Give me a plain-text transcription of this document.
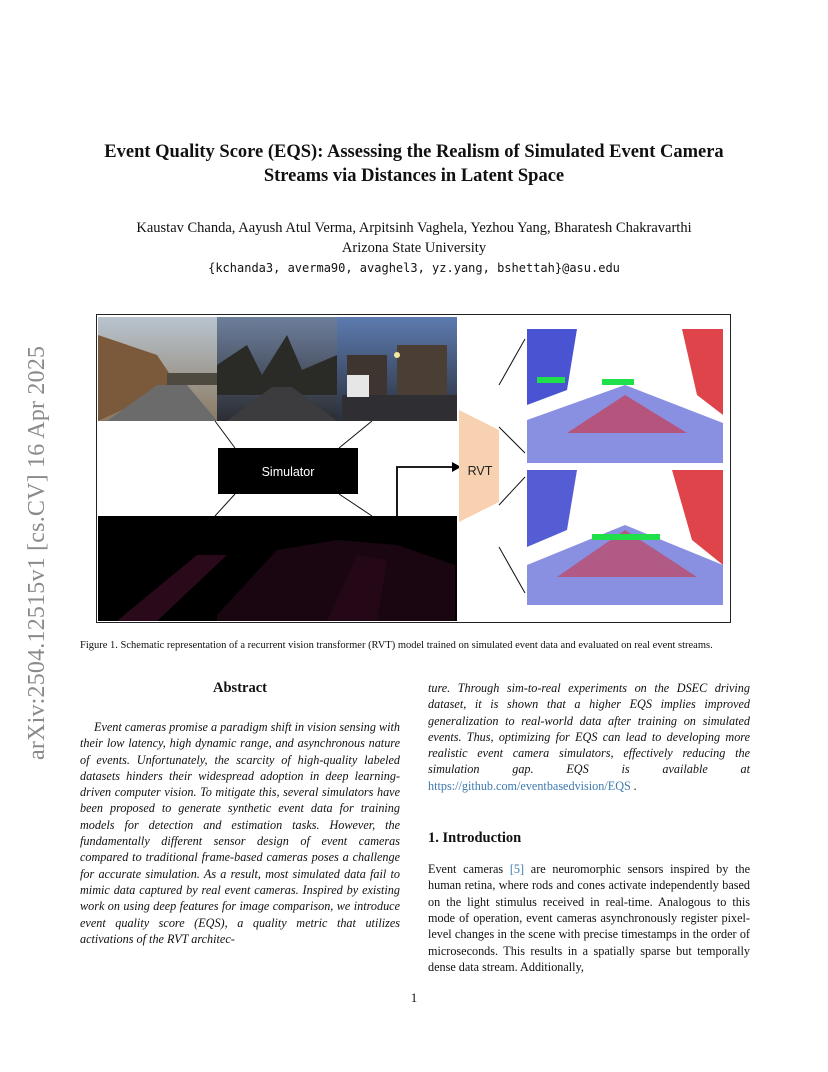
arXiv:2504.12515v1 [cs.CV] 16 Apr 2025
Event Quality Score (EQS): Assessing the Realism of Simulated Event Camera
Streams via Distances in Latent Space
Kaustav Chanda, Aayush Atul Verma, Arpitsinh Vaghela, Yezhou Yang, Bharatesh Chakravarthi
Arizona State University
{kchanda3, averma90, avaghel3, yz.yang, bshettah}@asu.edu
Simulator	RVT
Figure 1. Schematic representation of a recurrent vision transformer (RVT) model trained on simulated event data and evaluated on real event streams.
Abstract

Event cameras promise a paradigm shift in vision sensing with their low latency, high dynamic range, and asynchronous nature of events. Unfortunately, the scarcity of high-quality labeled datasets hinders their widespread adoption in deep learning-driven computer vision. To mitigate this, several simulators have been proposed to generate synthetic event data for training models for detection and estimation tasks. However, the fundamentally different sensor design of event cameras compared to traditional frame-based cameras poses a challenge for accurate simulation. As a result, most simulated data fail to mimic data captured by real event cameras. Inspired by existing work on using deep features for image comparison, we introduce event quality score (EQS), a quality metric that utilizes activations of the RVT architec-

ture. Through sim-to-real experiments on the DSEC driving dataset, it is shown that a higher EQS implies improved generalization to real-world data after training on simulated events. Thus, optimizing for EQS can lead to developing more realistic event camera simulators, effectively reducing the simulation gap. EQS is available at https://github.com/eventbasedvision/EQS .

1. Introduction

Event cameras [5] are neuromorphic sensors inspired by the human retina, where rods and cones activate independently based on the light stimulus received in real-time. Analogous to this mode of operation, event cameras asynchronously register pixel-level changes in the scene with precise timestamps in the order of microseconds. This results in a spatially sparse but temporally dense data stream. Additionally,

1
